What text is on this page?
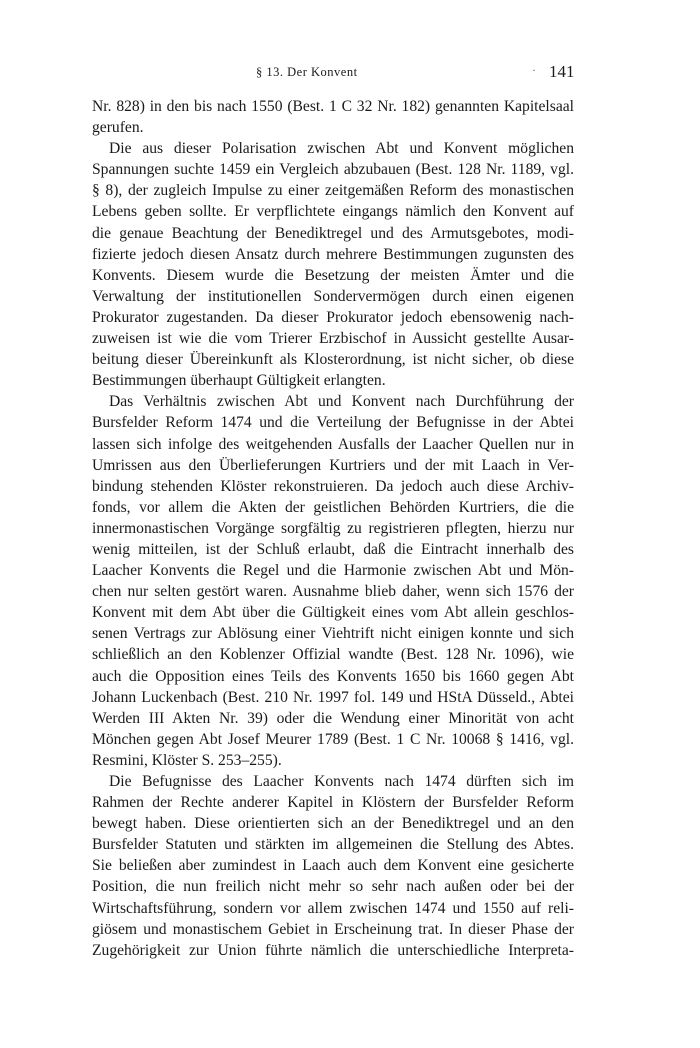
§ 13. Der Konvent	· 141
Nr. 828) in den bis nach 1550 (Best. 1 C 32 Nr. 182) genannten Kapitelsaal
gerufen.
Die aus dieser Polarisation zwischen Abt und Konvent möglichen
Spannungen suchte 1459 ein Vergleich abzubauen (Best. 128 Nr. 1189, vgl.
§ 8), der zugleich Impulse zu einer zeitgemäßen Reform des monastischen
Lebens geben sollte. Er verpflichtete eingangs nämlich den Konvent auf
die genaue Beachtung der Benediktregel und des Armutsgebotes, modi-
fizierte jedoch diesen Ansatz durch mehrere Bestimmungen zugunsten des
Konvents. Diesem wurde die Besetzung der meisten Ämter und die
Verwaltung der institutionellen Sondervermögen durch einen eigenen
Prokurator zugestanden. Da dieser Prokurator jedoch ebensowenig nach-
zuweisen ist wie die vom Trierer Erzbischof in Aussicht gestellte Ausar-
beitung dieser Übereinkunft als Klosterordnung, ist nicht sicher, ob diese
Bestimmungen überhaupt Gültigkeit erlangten.
Das Verhältnis zwischen Abt und Konvent nach Durchführung der
Bursfelder Reform 1474 und die Verteilung der Befugnisse in der Abtei
lassen sich infolge des weitgehenden Ausfalls der Laacher Quellen nur in
Umrissen aus den Überlieferungen Kurtriers und der mit Laach in Ver-
bindung stehenden Klöster rekonstruieren. Da jedoch auch diese Archiv-
fonds, vor allem die Akten der geistlichen Behörden Kurtriers, die die
innermonastischen Vorgänge sorgfältig zu registrieren pflegten, hierzu nur
wenig mitteilen, ist der Schluß erlaubt, daß die Eintracht innerhalb des
Laacher Konvents die Regel und die Harmonie zwischen Abt und Mön-
chen nur selten gestört waren. Ausnahme blieb daher, wenn sich 1576 der
Konvent mit dem Abt über die Gültigkeit eines vom Abt allein geschlos-
senen Vertrags zur Ablösung einer Viehtrift nicht einigen konnte und sich
schließlich an den Koblenzer Offizial wandte (Best. 128 Nr. 1096), wie
auch die Opposition eines Teils des Konvents 1650 bis 1660 gegen Abt
Johann Luckenbach (Best. 210 Nr. 1997 fol. 149 und HStA Düsseld., Abtei
Werden III Akten Nr. 39) oder die Wendung einer Minorität von acht
Mönchen gegen Abt Josef Meurer 1789 (Best. 1 C Nr. 10068 § 1416, vgl.
Resmini, Klöster S. 253–255).
Die Befugnisse des Laacher Konvents nach 1474 dürften sich im
Rahmen der Rechte anderer Kapitel in Klöstern der Bursfelder Reform
bewegt haben. Diese orientierten sich an der Benediktregel und an den
Bursfelder Statuten und stärkten im allgemeinen die Stellung des Abtes.
Sie beließen aber zumindest in Laach auch dem Konvent eine gesicherte
Position, die nun freilich nicht mehr so sehr nach außen oder bei der
Wirtschaftsführung, sondern vor allem zwischen 1474 und 1550 auf reli-
giösem und monastischem Gebiet in Erscheinung trat. In dieser Phase der
Zugehörigkeit zur Union führte nämlich die unterschiedliche Interpreta-
